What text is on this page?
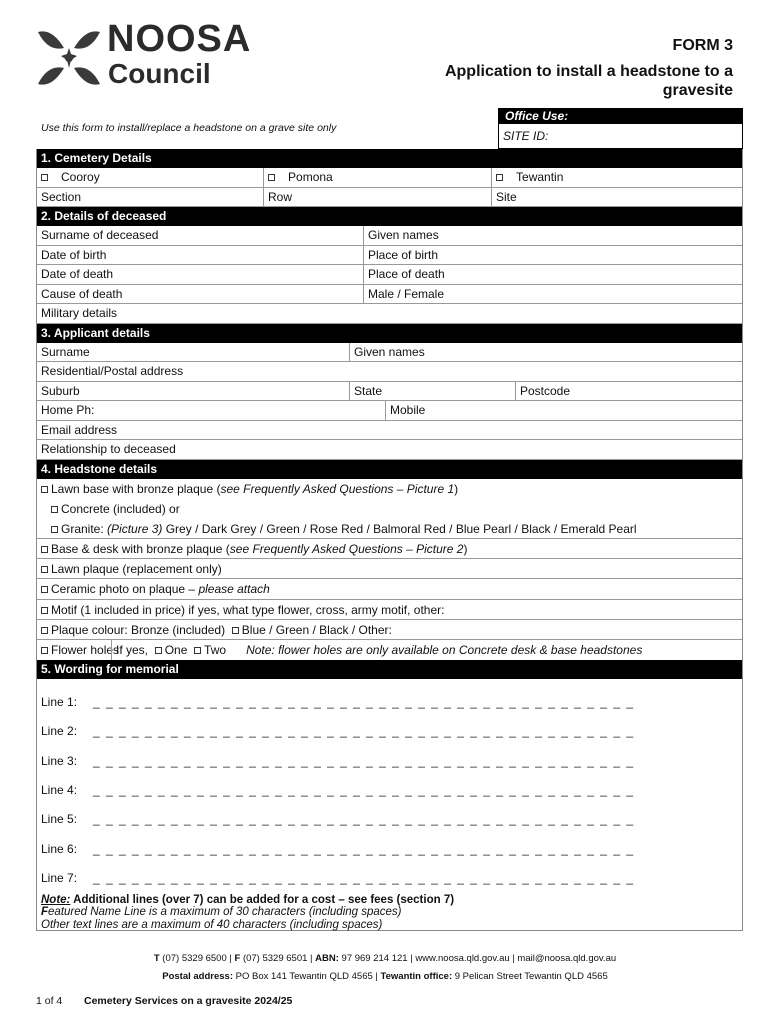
NOOSA
Council
FORM 3
Application to install a headstone to a gravesite
Use this form to install/replace a headstone on a grave site only
Office Use:
SITE ID:
1. Cemetery Details
Cooroy	Pomona	Tewantin
Section	Row	Site
2. Details of deceased
Surname of deceased	Given names
Date of birth	Place of birth
Date of death	Place of death
Cause of death	Male / Female
Military details
3. Applicant details
Surname	Given names
Residential/Postal address
Suburb	State	Postcode
Home Ph:	Mobile
Email address
Relationship to deceased
4. Headstone details
Lawn base with bronze plaque (see Frequently Asked Questions – Picture 1)
Concrete (included) or
Granite: (Picture 3) Grey / Dark Grey / Green / Rose Red / Balmoral Red / Blue Pearl / Black / Emerald Pearl
Base & desk with bronze plaque (see Frequently Asked Questions – Picture 2)
Lawn plaque (replacement only)
Ceramic photo on plaque – please attach
Motif (1 included in price) if yes, what type flower, cross, army motif, other:
Plaque colour: Bronze (included)  Blue / Green / Black / Other:
Flower holes
If yes,  One  Two Note: flower holes are only available on Concrete desk & base headstones
5. Wording for memorial
Line 1:	_ _ _ _ _ _ _ _ _ _ _ _ _ _ _ _ _ _ _ _ _ _ _ _ _ _ _ _ _ _ _ _ _ _ _ _ _ _ _ _ _ _
Line 2:	_ _ _ _ _ _ _ _ _ _ _ _ _ _ _ _ _ _ _ _ _ _ _ _ _ _ _ _ _ _ _ _ _ _ _ _ _ _ _ _ _ _
Line 3:	_ _ _ _ _ _ _ _ _ _ _ _ _ _ _ _ _ _ _ _ _ _ _ _ _ _ _ _ _ _ _ _ _ _ _ _ _ _ _ _ _ _
Line 4:	_ _ _ _ _ _ _ _ _ _ _ _ _ _ _ _ _ _ _ _ _ _ _ _ _ _ _ _ _ _ _ _ _ _ _ _ _ _ _ _ _ _
Line 5:	_ _ _ _ _ _ _ _ _ _ _ _ _ _ _ _ _ _ _ _ _ _ _ _ _ _ _ _ _ _ _ _ _ _ _ _ _ _ _ _ _ _
Line 6:	_ _ _ _ _ _ _ _ _ _ _ _ _ _ _ _ _ _ _ _ _ _ _ _ _ _ _ _ _ _ _ _ _ _ _ _ _ _ _ _ _ _
Line 7:	_ _ _ _ _ _ _ _ _ _ _ _ _ _ _ _ _ _ _ _ _ _ _ _ _ _ _ _ _ _ _ _ _ _ _ _ _ _ _ _ _ _
Note: Additional lines (over 7) can be added for a cost – see fees (section 7)
Featured Name Line is a maximum of 30 characters (including spaces)
Other text lines are a maximum of 40 characters (including spaces)
T (07) 5329 6500 | F (07) 5329 6501 | ABN: 97 969 214 121 | www.noosa.qld.gov.au | mail@noosa.qld.gov.au
Postal address: PO Box 141 Tewantin QLD 4565 | Tewantin office: 9 Pelican Street Tewantin QLD 4565
1 of 4 Cemetery Services on a gravesite 2024/25
